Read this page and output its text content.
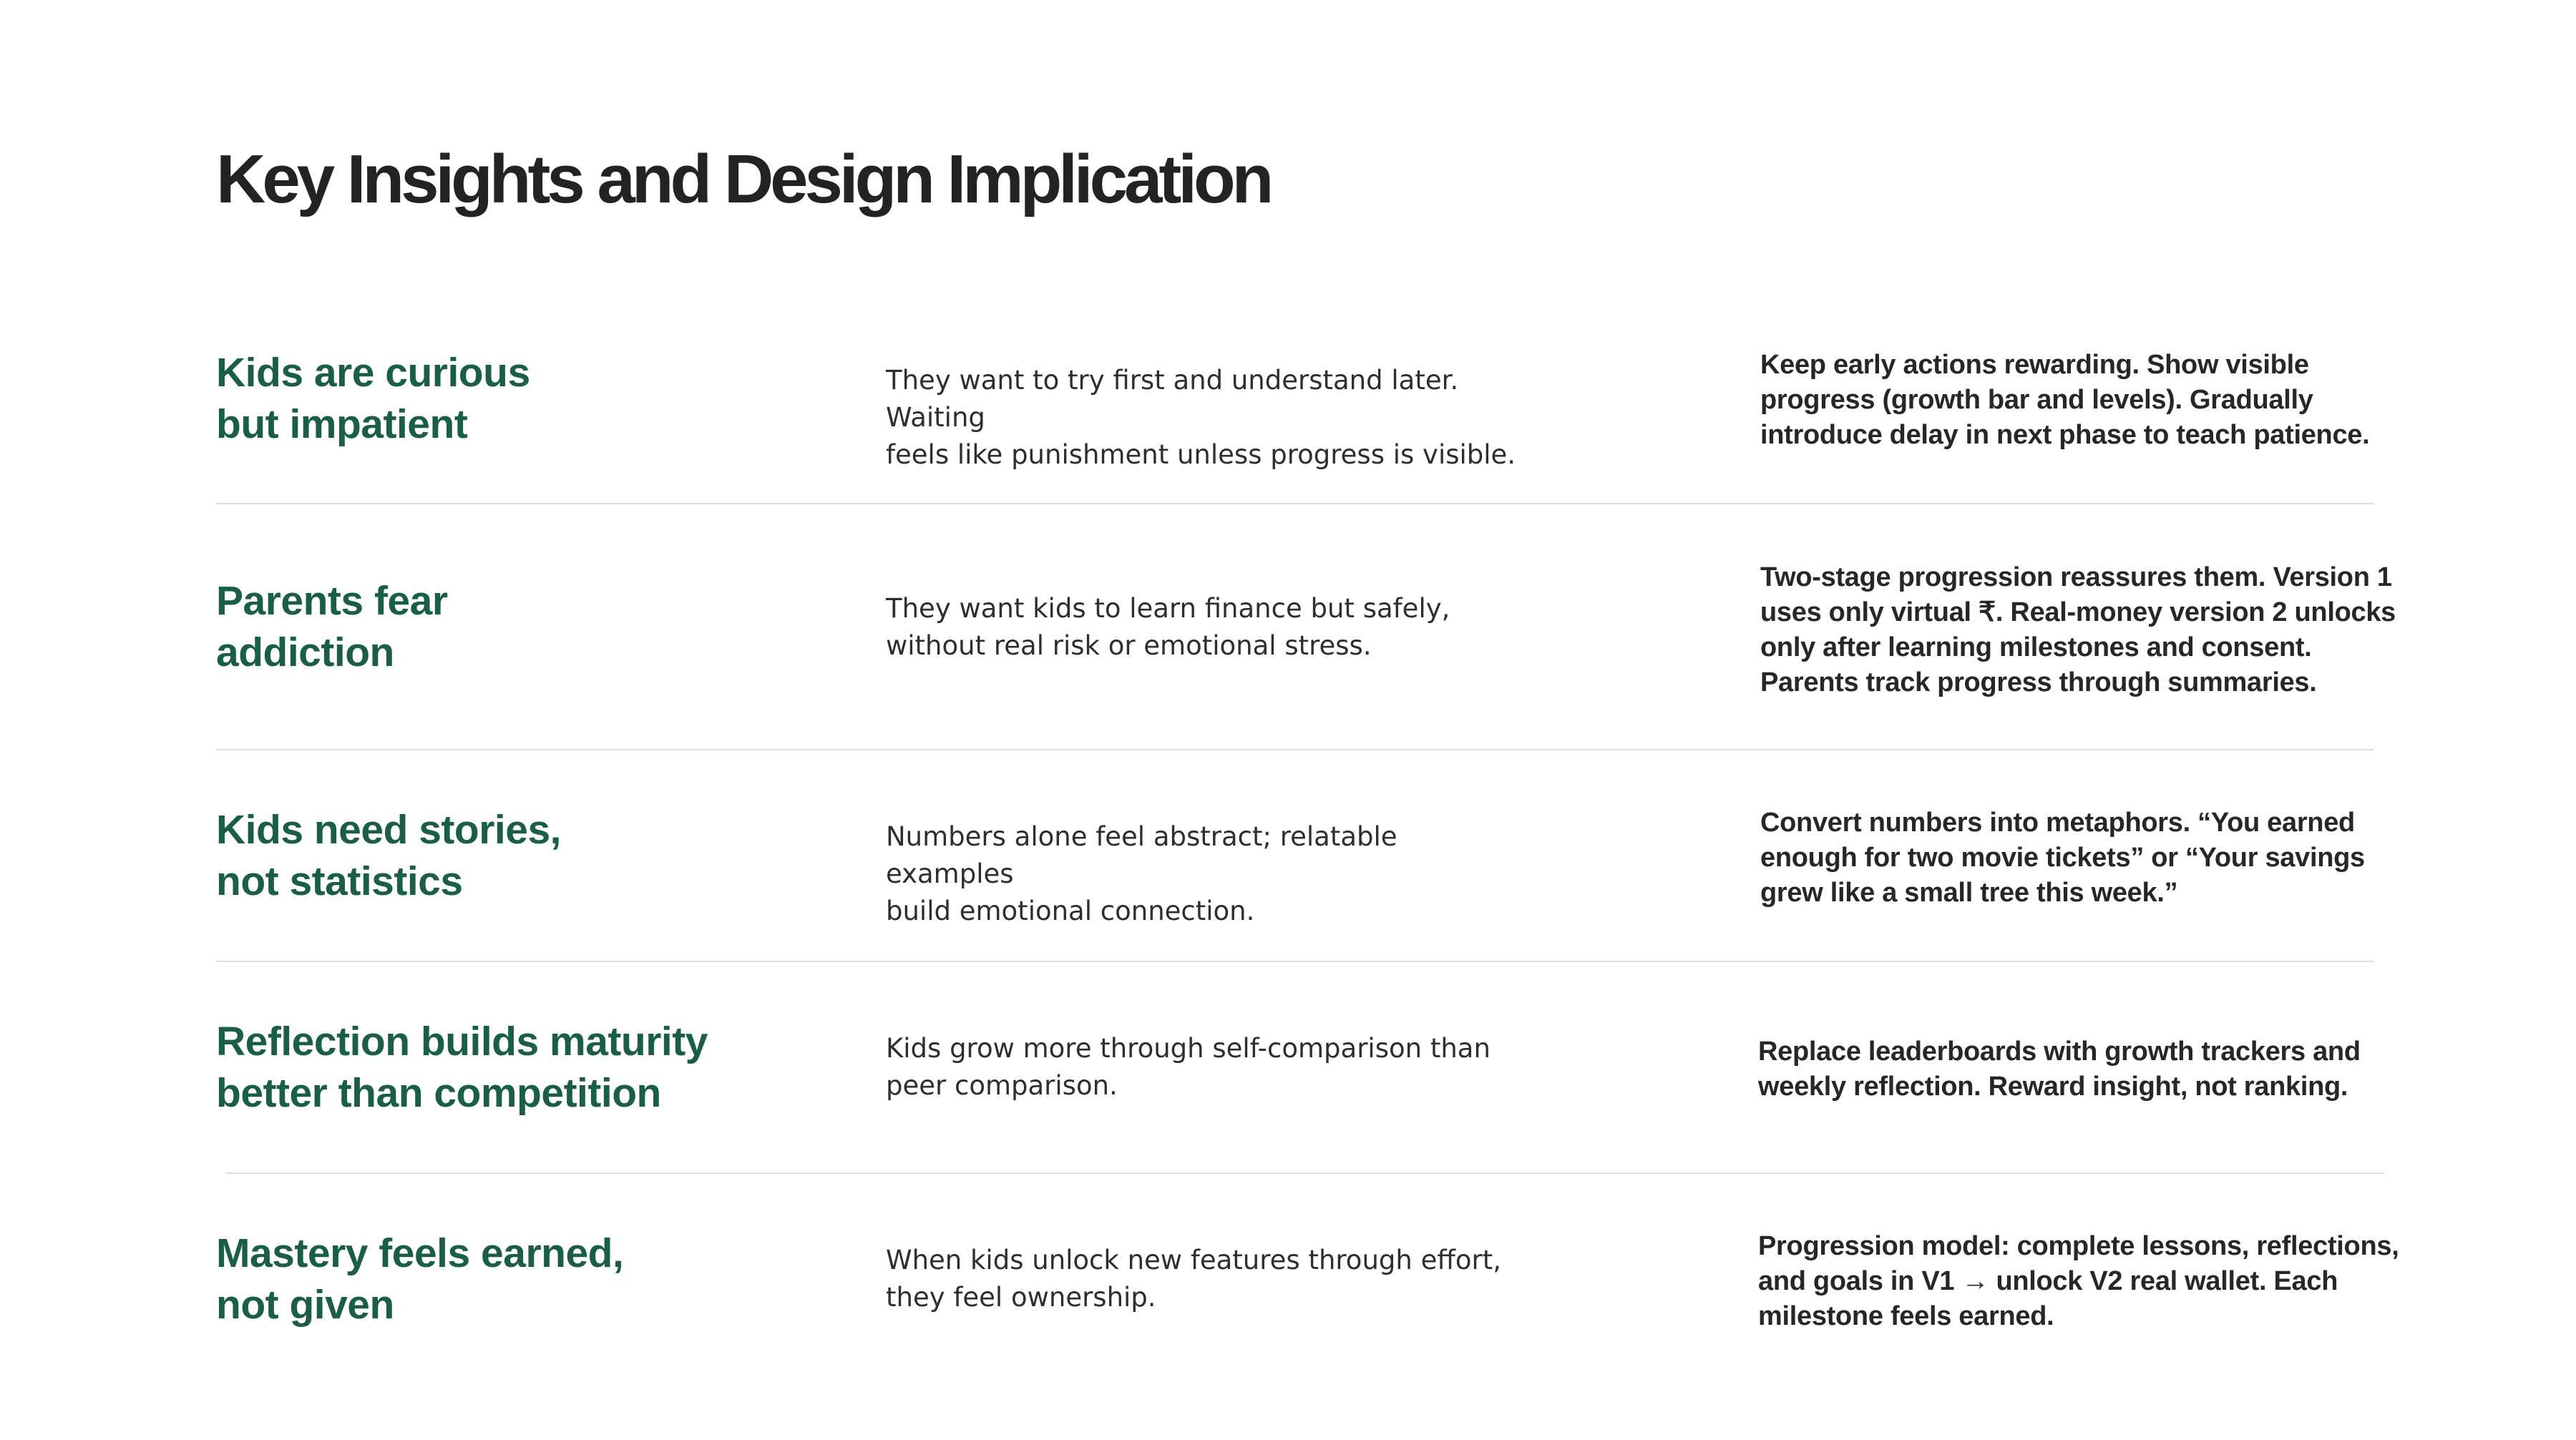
Key Insights and Design Implication

Kids are curious
but impatient

They want to try first and understand later. Waiting
feels like punishment unless progress is visible.

Keep early actions rewarding. Show visible
progress (growth bar and levels). Gradually
introduce delay in next phase to teach patience.

Parents fear
addiction

They want kids to learn finance but safely,
without real risk or emotional stress.

Two-stage progression reassures them. Version 1
uses only virtual ₹. Real-money version 2 unlocks
only after learning milestones and consent.
Parents track progress through summaries.

Kids need stories,
not statistics

Numbers alone feel abstract; relatable examples
build emotional connection.

Convert numbers into metaphors. “You earned
enough for two movie tickets” or “Your savings
grew like a small tree this week.”

Reflection builds maturity
better than competition

Kids grow more through self-comparison than
peer comparison.

Replace leaderboards with growth trackers and
weekly reflection. Reward insight, not ranking.

Mastery feels earned,
not given

When kids unlock new features through effort,
they feel ownership.

Progression model: complete lessons, reflections,
and goals in V1 → unlock V2 real wallet. Each
milestone feels earned.
